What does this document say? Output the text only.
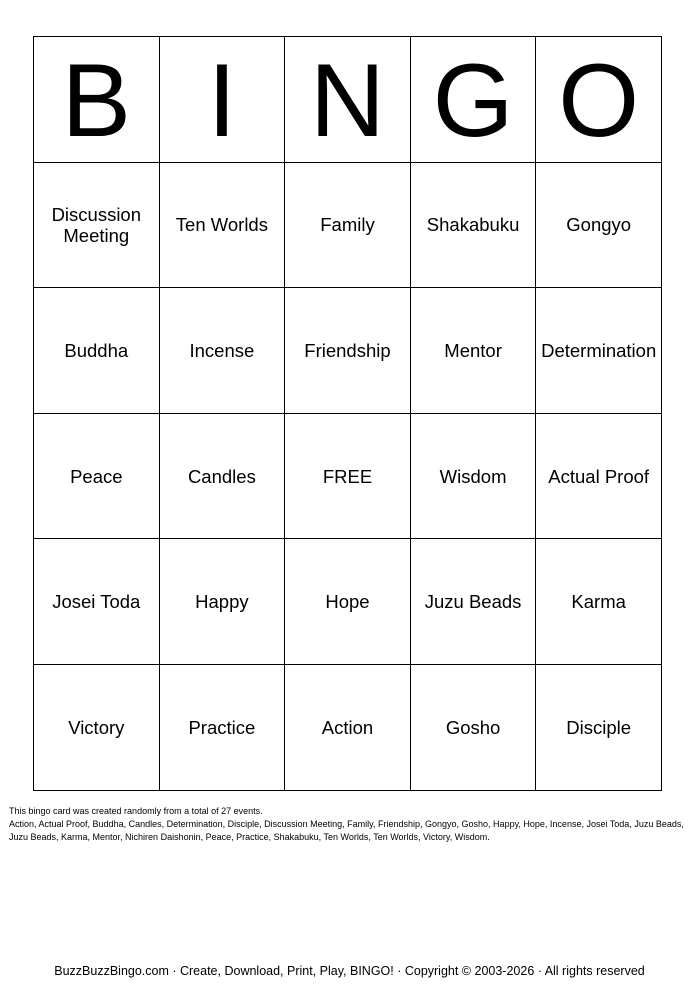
B	I	N	G	O
Discussion Meeting	Ten Worlds	Family	Shakabuku	Gongyo
Buddha	Incense	Friendship	Mentor	Determination
Peace	Candles	FREE	Wisdom	Actual Proof
Josei Toda	Happy	Hope	Juzu Beads	Karma
Victory	Practice	Action	Gosho	Disciple
This bingo card was created randomly from a total of 27 events.
Action, Actual Proof, Buddha, Candles, Determination, Disciple, Discussion Meeting, Family, Friendship, Gongyo, Gosho, Happy, Hope, Incense, Josei Toda, Juzu Beads, Juzu Beads, Karma, Mentor, Nichiren Daishonin, Peace, Practice, Shakabuku, Ten Worlds, Ten Worlds, Victory, Wisdom.
BuzzBuzzBingo.com · Create, Download, Print, Play, BINGO! · Copyright © 2003-2026 · All rights reserved
